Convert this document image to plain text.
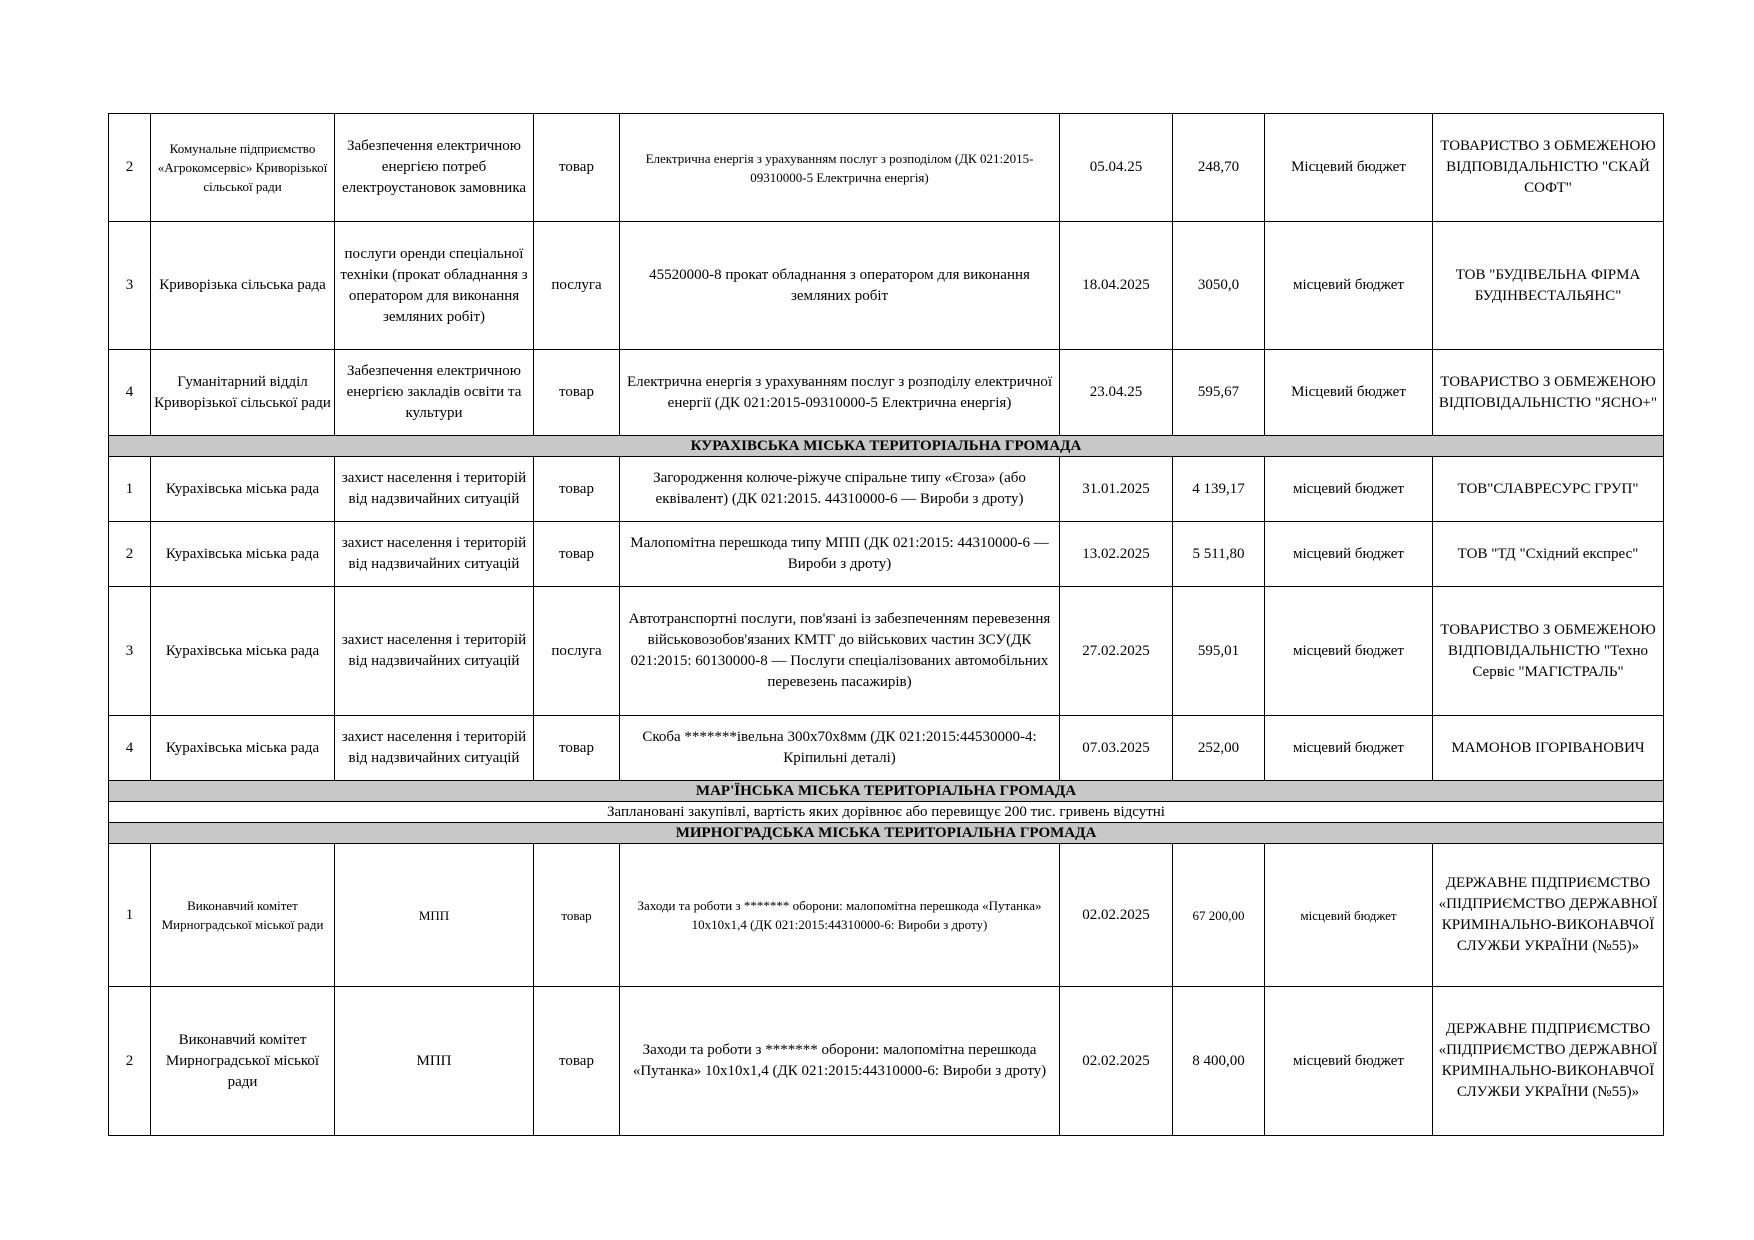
2	Комунальне підприємство «Агрокомсервіс» Криворізької сільської ради	Забезпечення електричною енергією потреб електроустановок замовника	товар	Електрична енергія з урахуванням послуг з розподілом (ДК 021:2015-09310000-5 Електрична енергія)	05.04.25	248,70	Місцевий бюджет	ТОВАРИСТВО З ОБМЕЖЕНОЮ ВІДПОВІДАЛЬНІСТЮ "СКАЙ СОФТ"
3	Криворізька сільська рада	послуги оренди спеціальної техніки (прокат обладнання з оператором для виконання земляних робіт)	послуга	45520000-8 прокат обладнання з оператором для виконання земляних робіт	18.04.2025	3050,0	місцевий бюджет	ТОВ "БУДІВЕЛЬНА ФІРМА БУДІНВЕСТАЛЬЯНС"
4	Гуманітарний відділ Криворізької сільської ради	Забезпечення електричною енергією закладів освіти та культури	товар	Електрична енергія з урахуванням послуг з розподілу електричної енергії (ДК 021:2015-09310000-5 Електрична енергія)	23.04.25	595,67	Місцевий бюджет	ТОВАРИСТВО З ОБМЕЖЕНОЮ ВІДПОВІДАЛЬНІСТЮ "ЯСНО+"
КУРАХІВСЬКА МІСЬКА ТЕРИТОРІАЛЬНА ГРОМАДА								
1	Курахівська міська рада	захист населення і територій від надзвичайних ситуацій	товар	Загородження колюче-ріжуче спіральне типу «Єгоза» (або еквівалент) (ДК 021:2015. 44310000-6 — Вироби з дроту)	31.01.2025	4 139,17	місцевий бюджет	ТОВ"СЛАВРЕСУРС ГРУП"
2	Курахівська міська рада	захист населення і територій від надзвичайних ситуацій	товар	Малопомітна перешкода типу МПП (ДК 021:2015: 44310000-6 — Вироби з дроту)	13.02.2025	5 511,80	місцевий бюджет	ТОВ "ТД "Східний експрес"
3	Курахівська міська рада	захист населення і територій від надзвичайних ситуацій	послуга	Автотранспортні послуги, пов'язані із забезпеченням перевезення військовозобов'язаних КМТГ до військових частин ЗСУ(ДК 021:2015: 60130000-8 — Послуги спеціалізованих автомобільних перевезень пасажирів)	27.02.2025	595,01	місцевий бюджет	ТОВАРИСТВО З ОБМЕЖЕНОЮ ВІДПОВІДАЛЬНІСТЮ "Техно Сервіс "МАГІСТРАЛЬ"
4	Курахівська міська рада	захист населення і територій від надзвичайних ситуацій	товар	Скоба *******івельна 300х70х8мм (ДК 021:2015:44530000-4: Кріпильні деталі)	07.03.2025	252,00	місцевий бюджет	МАМОНОВ ІГОРІВАНОВИЧ
МАР'ЇНСЬКА МІСЬКА ТЕРИТОРІАЛЬНА ГРОМАДА								
Заплановані закупівлі, вартість яких дорівнює або перевищує 200 тис. гривень відсутні								
МИРНОГРАДСЬКА МІСЬКА ТЕРИТОРІАЛЬНА ГРОМАДА								
1	Виконавчий комітет Мирноградської міської ради	МПП	товар	Заходи та роботи з ******* оборони: малопомітна перешкода «Путанка» 10х10х1,4 (ДК 021:2015:44310000-6: Вироби з дроту)	02.02.2025	67 200,00	місцевий бюджет	ДЕРЖАВНЕ ПІДПРИЄМСТВО «ПІДПРИЄМСТВО ДЕРЖАВНОЇ КРИМІНАЛЬНО-ВИКОНАВЧОЇ СЛУЖБИ УКРАЇНИ (№55)»
2	Виконавчий комітет Мирноградської міської ради	МПП	товар	Заходи та роботи з ******* оборони: малопомітна перешкода «Путанка» 10х10х1,4 (ДК 021:2015:44310000-6: Вироби з дроту)	02.02.2025	8 400,00	місцевий бюджет	ДЕРЖАВНЕ ПІДПРИЄМСТВО «ПІДПРИЄМСТВО ДЕРЖАВНОЇ КРИМІНАЛЬНО-ВИКОНАВЧОЇ СЛУЖБИ УКРАЇНИ (№55)»
